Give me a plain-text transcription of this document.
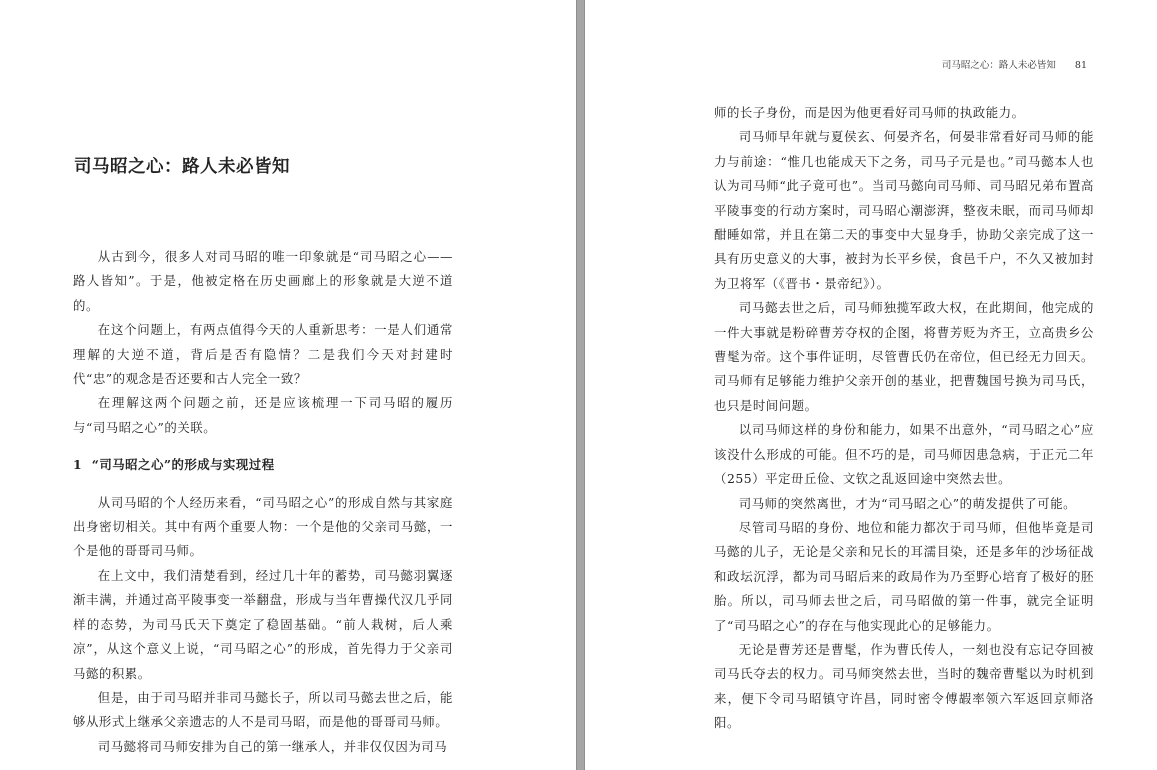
司马昭之心：路人未必皆知

从古到今，很多人对司马昭的唯一印象就是“司马昭之心——路人皆知”。于是，他被定格在历史画廊上的形象就是大逆不道的。

在这个问题上，有两点值得今天的人重新思考：一是人们通常理解的大逆不道，背后是否有隐情？二是我们今天对封建时代“忠”的观念是否还要和古人完全一致？

在理解这两个问题之前，还是应该梳理一下司马昭的履历与“司马昭之心”的关联。

1  “司马昭之心”的形成与实现过程

从司马昭的个人经历来看，“司马昭之心”的形成自然与其家庭出身密切相关。其中有两个重要人物：一个是他的父亲司马懿，一个是他的哥哥司马师。

在上文中，我们清楚看到，经过几十年的蓄势，司马懿羽翼逐渐丰满，并通过高平陵事变一举翻盘，形成与当年曹操代汉几乎同样的态势，为司马氏天下奠定了稳固基础。“前人栽树，后人乘凉”，从这个意义上说，“司马昭之心”的形成，首先得力于父亲司马懿的积累。

但是，由于司马昭并非司马懿长子，所以司马懿去世之后，能够从形式上继承父亲遗志的人不是司马昭，而是他的哥哥司马师。

司马懿将司马师安排为自己的第一继承人，并非仅仅因为司马

司马昭之心：路人未必皆知 81

师的长子身份，而是因为他更看好司马师的执政能力。

司马师早年就与夏侯玄、何晏齐名，何晏非常看好司马师的能力与前途：“惟几也能成天下之务，司马子元是也。”司马懿本人也认为司马师“此子竟可也”。当司马懿向司马师、司马昭兄弟布置高平陵事变的行动方案时，司马昭心潮澎湃，整夜未眠，而司马师却酣睡如常，并且在第二天的事变中大显身手，协助父亲完成了这一具有历史意义的大事，被封为长平乡侯，食邑千户，不久又被加封为卫将军（《晋书・景帝纪》）。

司马懿去世之后，司马师独揽军政大权，在此期间，他完成的一件大事就是粉碎曹芳夺权的企图，将曹芳贬为齐王，立高贵乡公曹髦为帝。这个事件证明，尽管曹氏仍在帝位，但已经无力回天。司马师有足够能力维护父亲开创的基业，把曹魏国号换为司马氏，也只是时间问题。

以司马师这样的身份和能力，如果不出意外，“司马昭之心”应该没什么形成的可能。但不巧的是，司马师因患急病，于正元二年（255）平定毌丘俭、文钦之乱返回途中突然去世。

司马师的突然离世，才为“司马昭之心”的萌发提供了可能。

尽管司马昭的身份、地位和能力都次于司马师，但他毕竟是司马懿的儿子，无论是父亲和兄长的耳濡目染，还是多年的沙场征战和政坛沉浮，都为司马昭后来的政局作为乃至野心培育了极好的胚胎。所以，司马师去世之后，司马昭做的第一件事，就完全证明了“司马昭之心”的存在与他实现此心的足够能力。

无论是曹芳还是曹髦，作为曹氏传人，一刻也没有忘记夺回被司马氏夺去的权力。司马师突然去世，当时的魏帝曹髦以为时机到来，便下令司马昭镇守许昌，同时密令傅嘏率领六军返回京师洛阳。
